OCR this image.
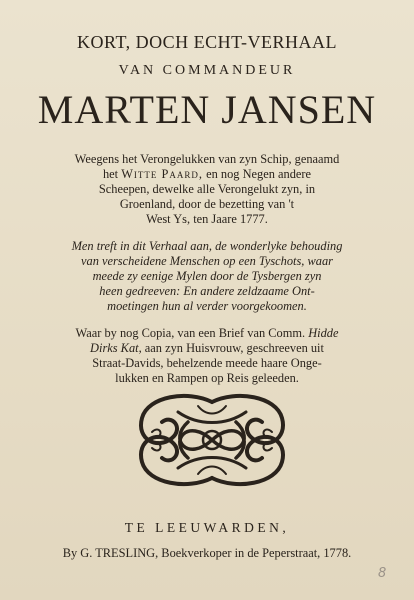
KORT, DOCH ECHT-VERHAAL
VAN COMMANDEUR
MARTEN JANSEN
Weegens het Verongelukken van zyn Schip, genaamd
het Witte Paard, en nog Negen andere
Scheepen, dewelke alle Verongelukt zyn, in
Groenland, door de bezetting van 't
West Ys, ten Jaare 1777.
Men treft in dit Verhaal aan, de wonderlyke behouding
van verscheidene Menschen op een Tyschots, waar
meede zy eenige Mylen door de Tysbergen zyn
heen gedreeven: En andere zeldzaame Ont-
moetingen hun al verder voorgekoomen.
Waar by nog Copia, van een Brief van Comm. Hidde
Dirks Kat, aan zyn Huisvrouw, geschreeven uit
Straat-Davids, behelzende meede haare Onge-
lukken en Rampen op Reis geleeden.
TE LEEUWARDEN,
By G. TRESLING, Boekverkoper in de Peperstraat, 1778.
8
